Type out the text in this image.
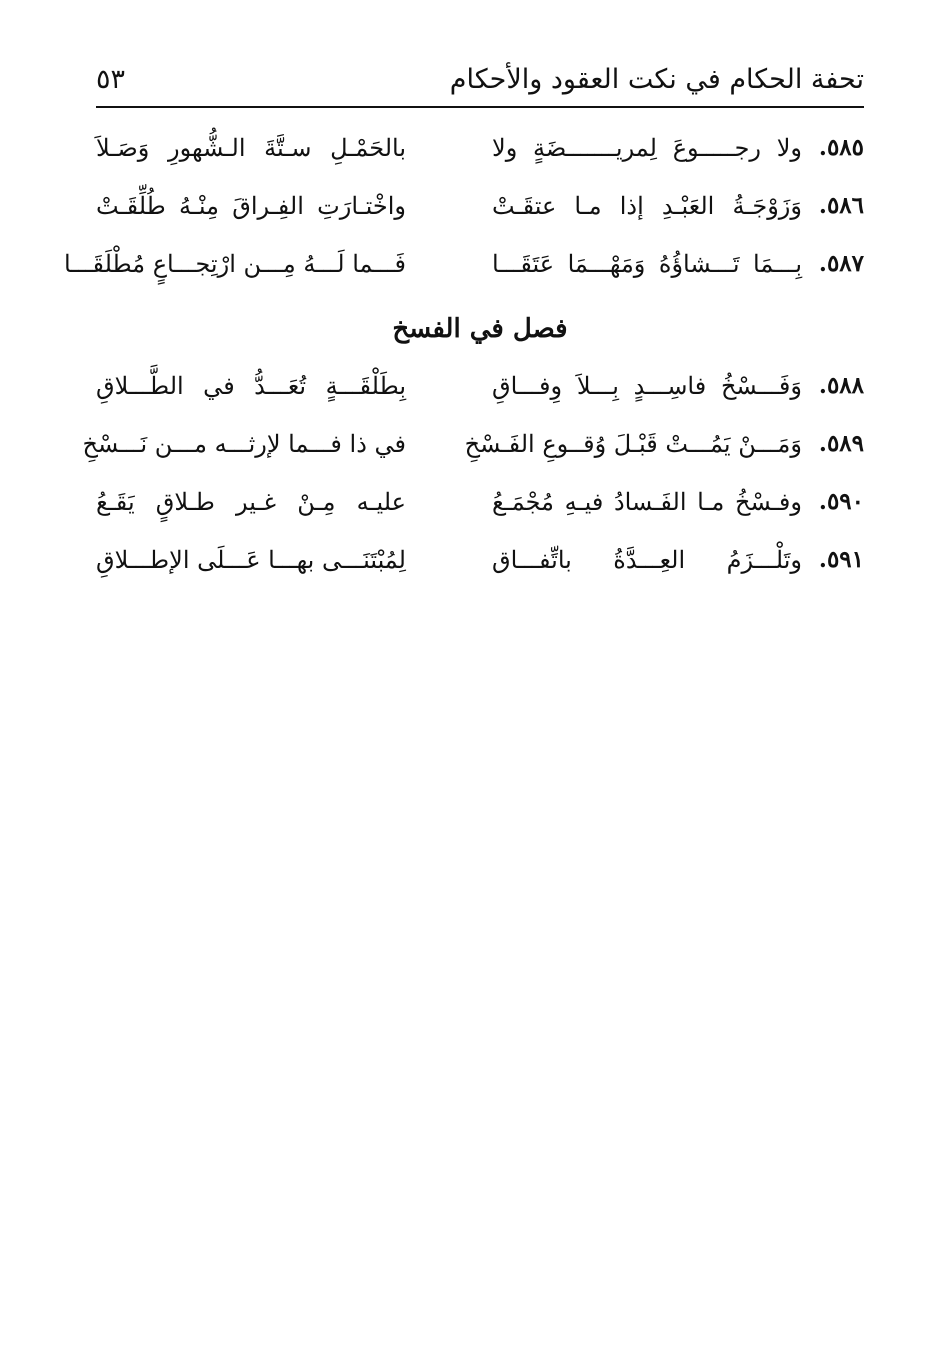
تحفة الحكام في نكت العقود والأحكام
٥٣
٥٨٥.
ولا رجـــــوعَ لِمريـــــــضَةٍ ولا
بالحَمْـلِ سـتَّةَ الـشُّهورِ وَصَـلاَ
٥٨٦.
وَزَوْجَـةُ العَبْـدِ إذا مـا عتقَـتْ
واخْتـارَتِ الفِـراقَ مِنْـهُ طُلِّقَـتْ
٥٨٧.
بِـــمَا تَـــشاؤُهُ وَمَهْـــمَا عَتَقَـــا
فَـــما لَـــهُ مِـــن ارْتِجـــاعٍ مُطْلَقَـــا
فصل في الفسخ
٥٨٨.
وَفَـــسْخُ فاسِـــدٍ بِـــلاَ وِفـــاقِ
بِطَلْقَـــةٍ تُعَـــدُّ في الطَّـــلاقِ
٥٨٩.
وَمَـــنْ يَمُـــتْ قَبْـلَ وُقــوعِ الفَـسْخِ
في ذا فـــما لإرثـــه مـــن نَـــسْخِ
٥٩٠.
وفـسْخُ مـا الفَـسادُ فيـهِ مُجْمَـعُ
عليـه مِـنْ غـير طـلاقٍ يَقَـعُ
٥٩١.
وتَلْـــزَمُ العِـــدَّةُ باتِّفـــاق
لِمُبْتَنَـــى بهـــا عَـــلَى الإطـــلاقِ
